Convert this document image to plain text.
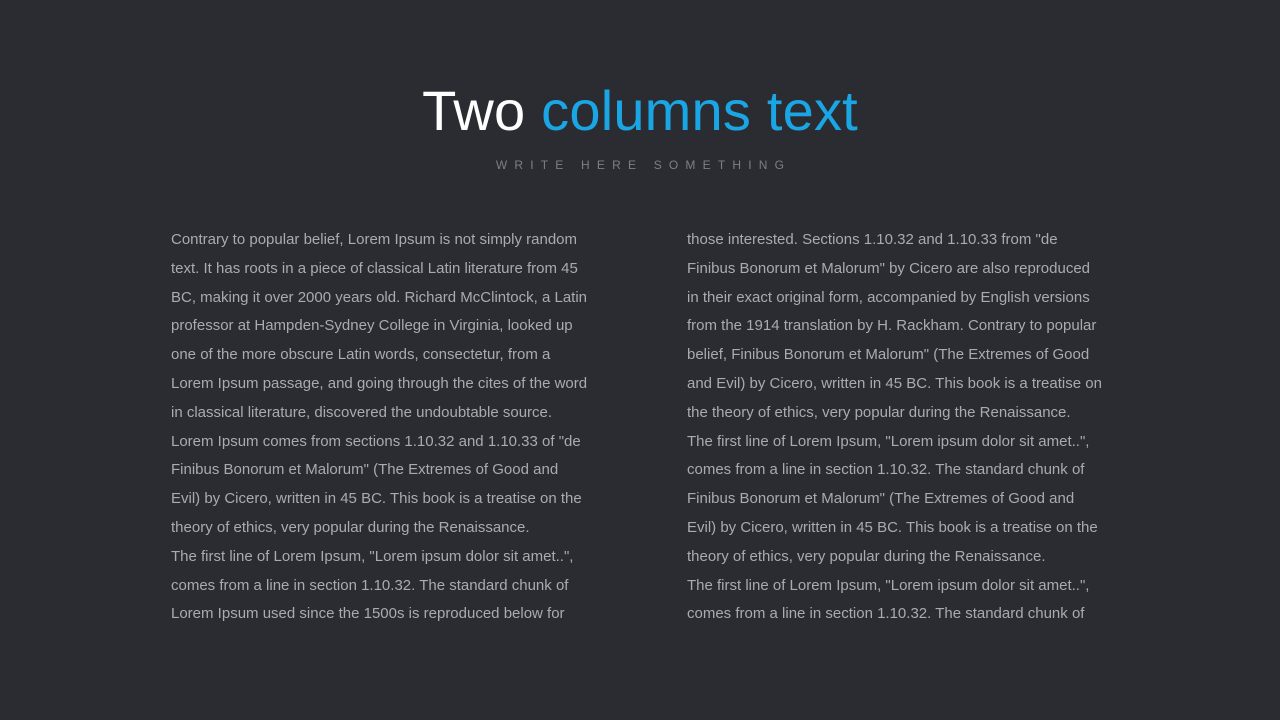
Two columns text

WRITE HERE SOMETHING

Contrary to popular belief, Lorem Ipsum is not simply random
text. It has roots in a piece of classical Latin literature from 45
BC, making it over 2000 years old. Richard McClintock, a Latin
professor at Hampden-Sydney College in Virginia, looked up
one of the more obscure Latin words, consectetur, from a
Lorem Ipsum passage, and going through the cites of the word
in classical literature, discovered the undoubtable source.
Lorem Ipsum comes from sections 1.10.32 and 1.10.33 of "de
Finibus Bonorum et Malorum" (The Extremes of Good and
Evil) by Cicero, written in 45 BC. This book is a treatise on the
theory of ethics, very popular during the Renaissance.
The first line of Lorem Ipsum, "Lorem ipsum dolor sit amet..",
comes from a line in section 1.10.32. The standard chunk of
Lorem Ipsum used since the 1500s is reproduced below for
those interested. Sections 1.10.32 and 1.10.33 from "de
Finibus Bonorum et Malorum" by Cicero are also reproduced
in their exact original form, accompanied by English versions
from the 1914 translation by H. Rackham. Contrary to popular
belief, Finibus Bonorum et Malorum" (The Extremes of Good
and Evil) by Cicero, written in 45 BC. This book is a treatise on
the theory of ethics, very popular during the Renaissance.
The first line of Lorem Ipsum, "Lorem ipsum dolor sit amet..",
comes from a line in section 1.10.32. The standard chunk of
Finibus Bonorum et Malorum" (The Extremes of Good and
Evil) by Cicero, written in 45 BC. This book is a treatise on the
theory of ethics, very popular during the Renaissance.
The first line of Lorem Ipsum, "Lorem ipsum dolor sit amet..",
comes from a line in section 1.10.32. The standard chunk of
